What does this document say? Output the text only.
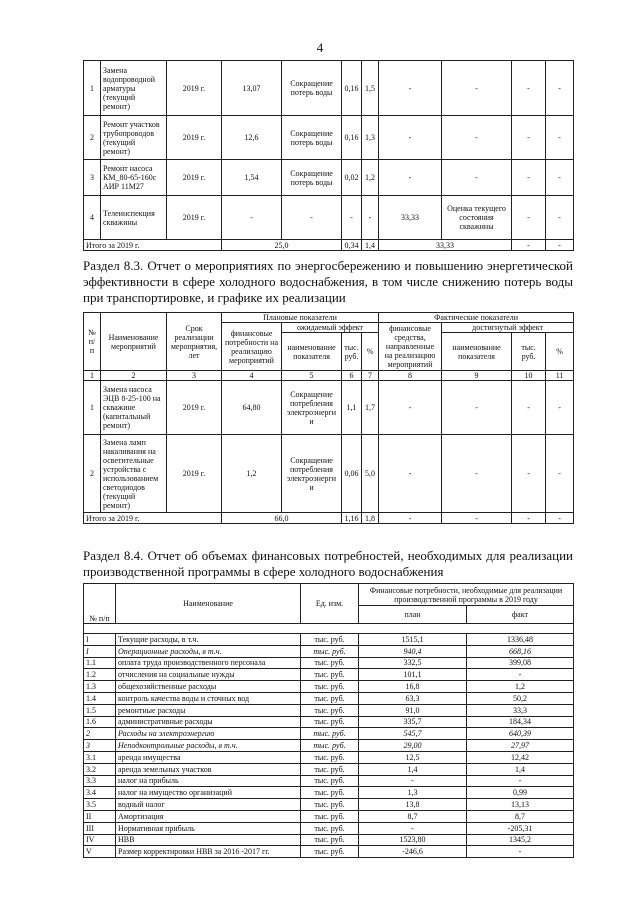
4
1	Замена водопроводной арматуры (текущий ремонт)	2019 г.	13,07	Сокращение потерь воды	0,16	1,5	-	-	-	-
2	Ремонт участков трубопроводов (текущий ремонт)	2019 г.	12,6	Сокращение потерь воды	0,16	1,3	-	-	-	-
3	Ремонт насоса КМ_80-65-160с АИР 11М27	2019 г.	1,54	Сокращение потерь воды	0,02	1,2	-	-	-	-
4	Телеинспекция скважины	2019 г.	-	-	-	-	33,33	Оценка текущего состояния скважины	-	-
Итого за 2019 г.			25,0		0,34	1,4	33,33		-	-
Раздел 8.3. Отчет о мероприятиях по энергосбережению и повышению энергетической эффективности в сфере холодного водоснабжения, в том числе снижению потерь воды при транспортировке, и графике их реализации
№ п/ п	Наименование мероприятий	Срок реализации мероприятия, лет	Плановые показатели				Фактические показатели			
			финансовые потребности на реализацию мероприятий	ожидаемый эффект			финансовые средства, направленные на реализацию мероприятий	достигнутый эффект		
				наименование показателя	тыс. руб.	%		наименование показателя	тыс. руб.	%
1	2	3	4	5	6	7	8	9	10	11
1	Замена насоса ЭЦВ 8-25-100 на скважине (капитальный ремонт)	2019 г.	64,80	Сокращение потребления электроэнерги и	1,1	1,7	-	-	-	-
2	Замена ламп накаливания на осветительные устройства с использованием светодиодов (текущий ремонт)	2019 г.	1,2	Сокращение потребления электроэнерги и	0,06	5,0	-	-	-	-
Итого за 2019 г.			66,0		1,16	1,8	-	-	-	-
Раздел 8.4. Отчет об объемах финансовых потребностей, необходимых для реализации производственной программы в сфере холодного водоснабжения
№ п/п	Наименование	Ед. изм.	Финансовые потребности, необходимые для реализации производственной программы в 2019 году	
			план	факт

I	Текущие расходы, в т.ч.	тыс. руб.	1515,1	1336,48
I	Операционные расходы, в т.ч.	тыс. руб.	940,4	668,16
1.1	оплата труда производственного персонала	тыс. руб.	332,5	399,08
1.2	отчисления на социальные нужды	тыс. руб.	101,1	-
1.3	общехозяйственные расходы	тыс. руб.	16,8	1,2
1.4	контроль качества воды и сточных вод	тыс. руб.	63,3	50,2
1.5	ремонтные расходы	тыс. руб.	91,0	33,3
1.6	административные расходы	тыс. руб.	335,7	184,34
2	Расходы на электроэнергию	тыс. руб.	545,7	640,39
3	Неподконтрольные расходы, в т.ч.	тыс. руб.	29,00	27,97
3.1	аренда имущества	тыс. руб.	12,5	12,42
3.2	аренда земельных участков	тыс. руб.	1,4	1,4
3.3	налог на прибыль	тыс. руб.	-	-
3.4	налог на имущество организаций	тыс. руб.	1,3	0,99
3.5	водный налог	тыс. руб.	13,8	13,13
II	Амортизация	тыс. руб.	8,7	8,7
III	Нормативная прибыль	тыс. руб.	-	-205,31
IV	НВВ	тыс. руб.	1523,80	1345,2
V	Размер корректировки НВВ за 2016 -2017 гг.	тыс. руб.	-246,6	-
